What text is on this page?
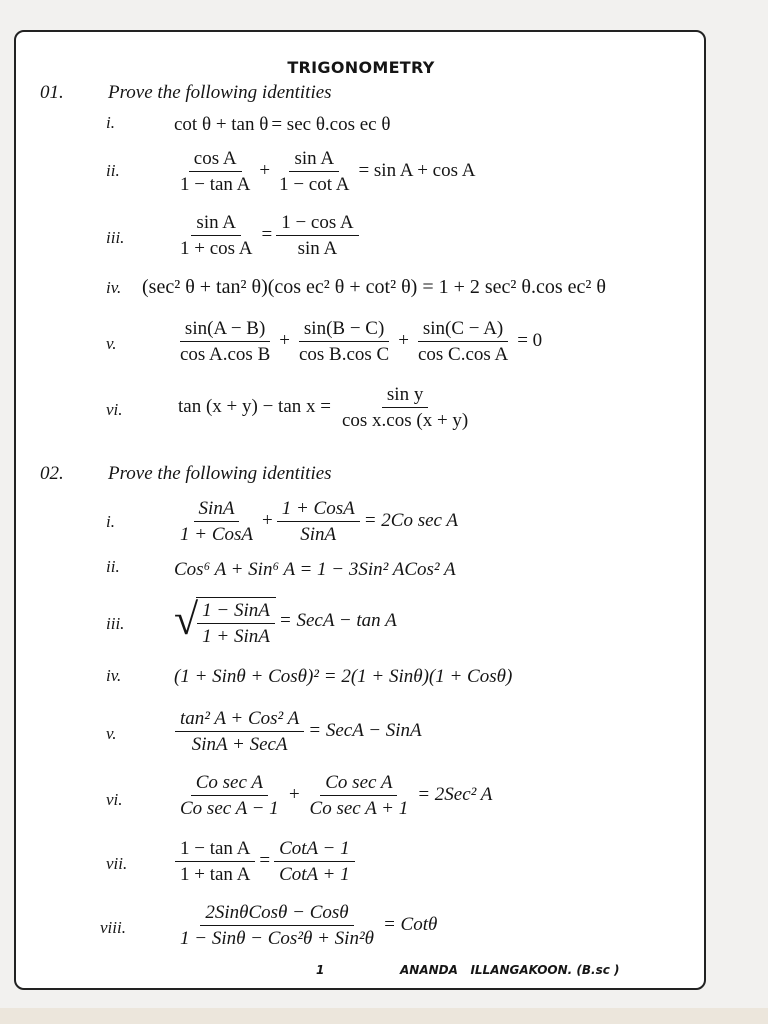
TRIGONOMETRY
01. Prove the following identities
i.	cot θ + tan θ = sec θ.cos ec θ
ii.	$\frac{\text{cos A}}{\text{1 − tan A}} + \frac{\text{sin A}}{\text{1 − cot A}} = \sin A + \cos A$
iii.	$\frac{\text{sin A}}{\text{1 + cos A}} = \frac{\text{1 − cos A}}{\text{sin A}}$
iv. (sec² θ + tan² θ)(cos ec² θ + cot² θ) = 1 + 2 sec² θ.cos ec² θ
v.	$\frac{\sin(A - B)}{\text{cos A.cos B}} + \frac{\sin(B - C)}{\text{cos B.cos C}} + \frac{\sin(C - A)}{\text{cos C.cos A}} = 0$
vi.	$\tan (x + y) - \tan x = \frac{\text{sin y}}{\text{cos x.cos (x + y)}}$
02. Prove the following identities
i.
SinA
1 + CosA
+
1 + CosA
SinA
= 2Co sec A
ii.	Cos⁶ A + Sin⁶ A = 1 − 3Sin² ACos² A
iii. √ 1 − SinA
1 + SinA
= SecA − tan A
iv.	(1 + Sinθ + Cosθ)² = 2(1 + Sinθ)(1 + Cosθ)
v.
tan² A + Cos² A
SinA + SecA
= SecA − SinA
vi.
Co sec A
Co sec A − 1
+
Co sec A
Co sec A + 1
= 2Sec² A
vii.	$\frac{\text{1 − tan A}}{\text{1 + tan A}}$ =
CotA − 1
CotA + 1
viii.
2SinθCosθ − Cosθ
1 − Sinθ − Cos²θ + Sin²θ
= Cotθ
1	ANANDA   ILLANGAKOON. (B.sc )
